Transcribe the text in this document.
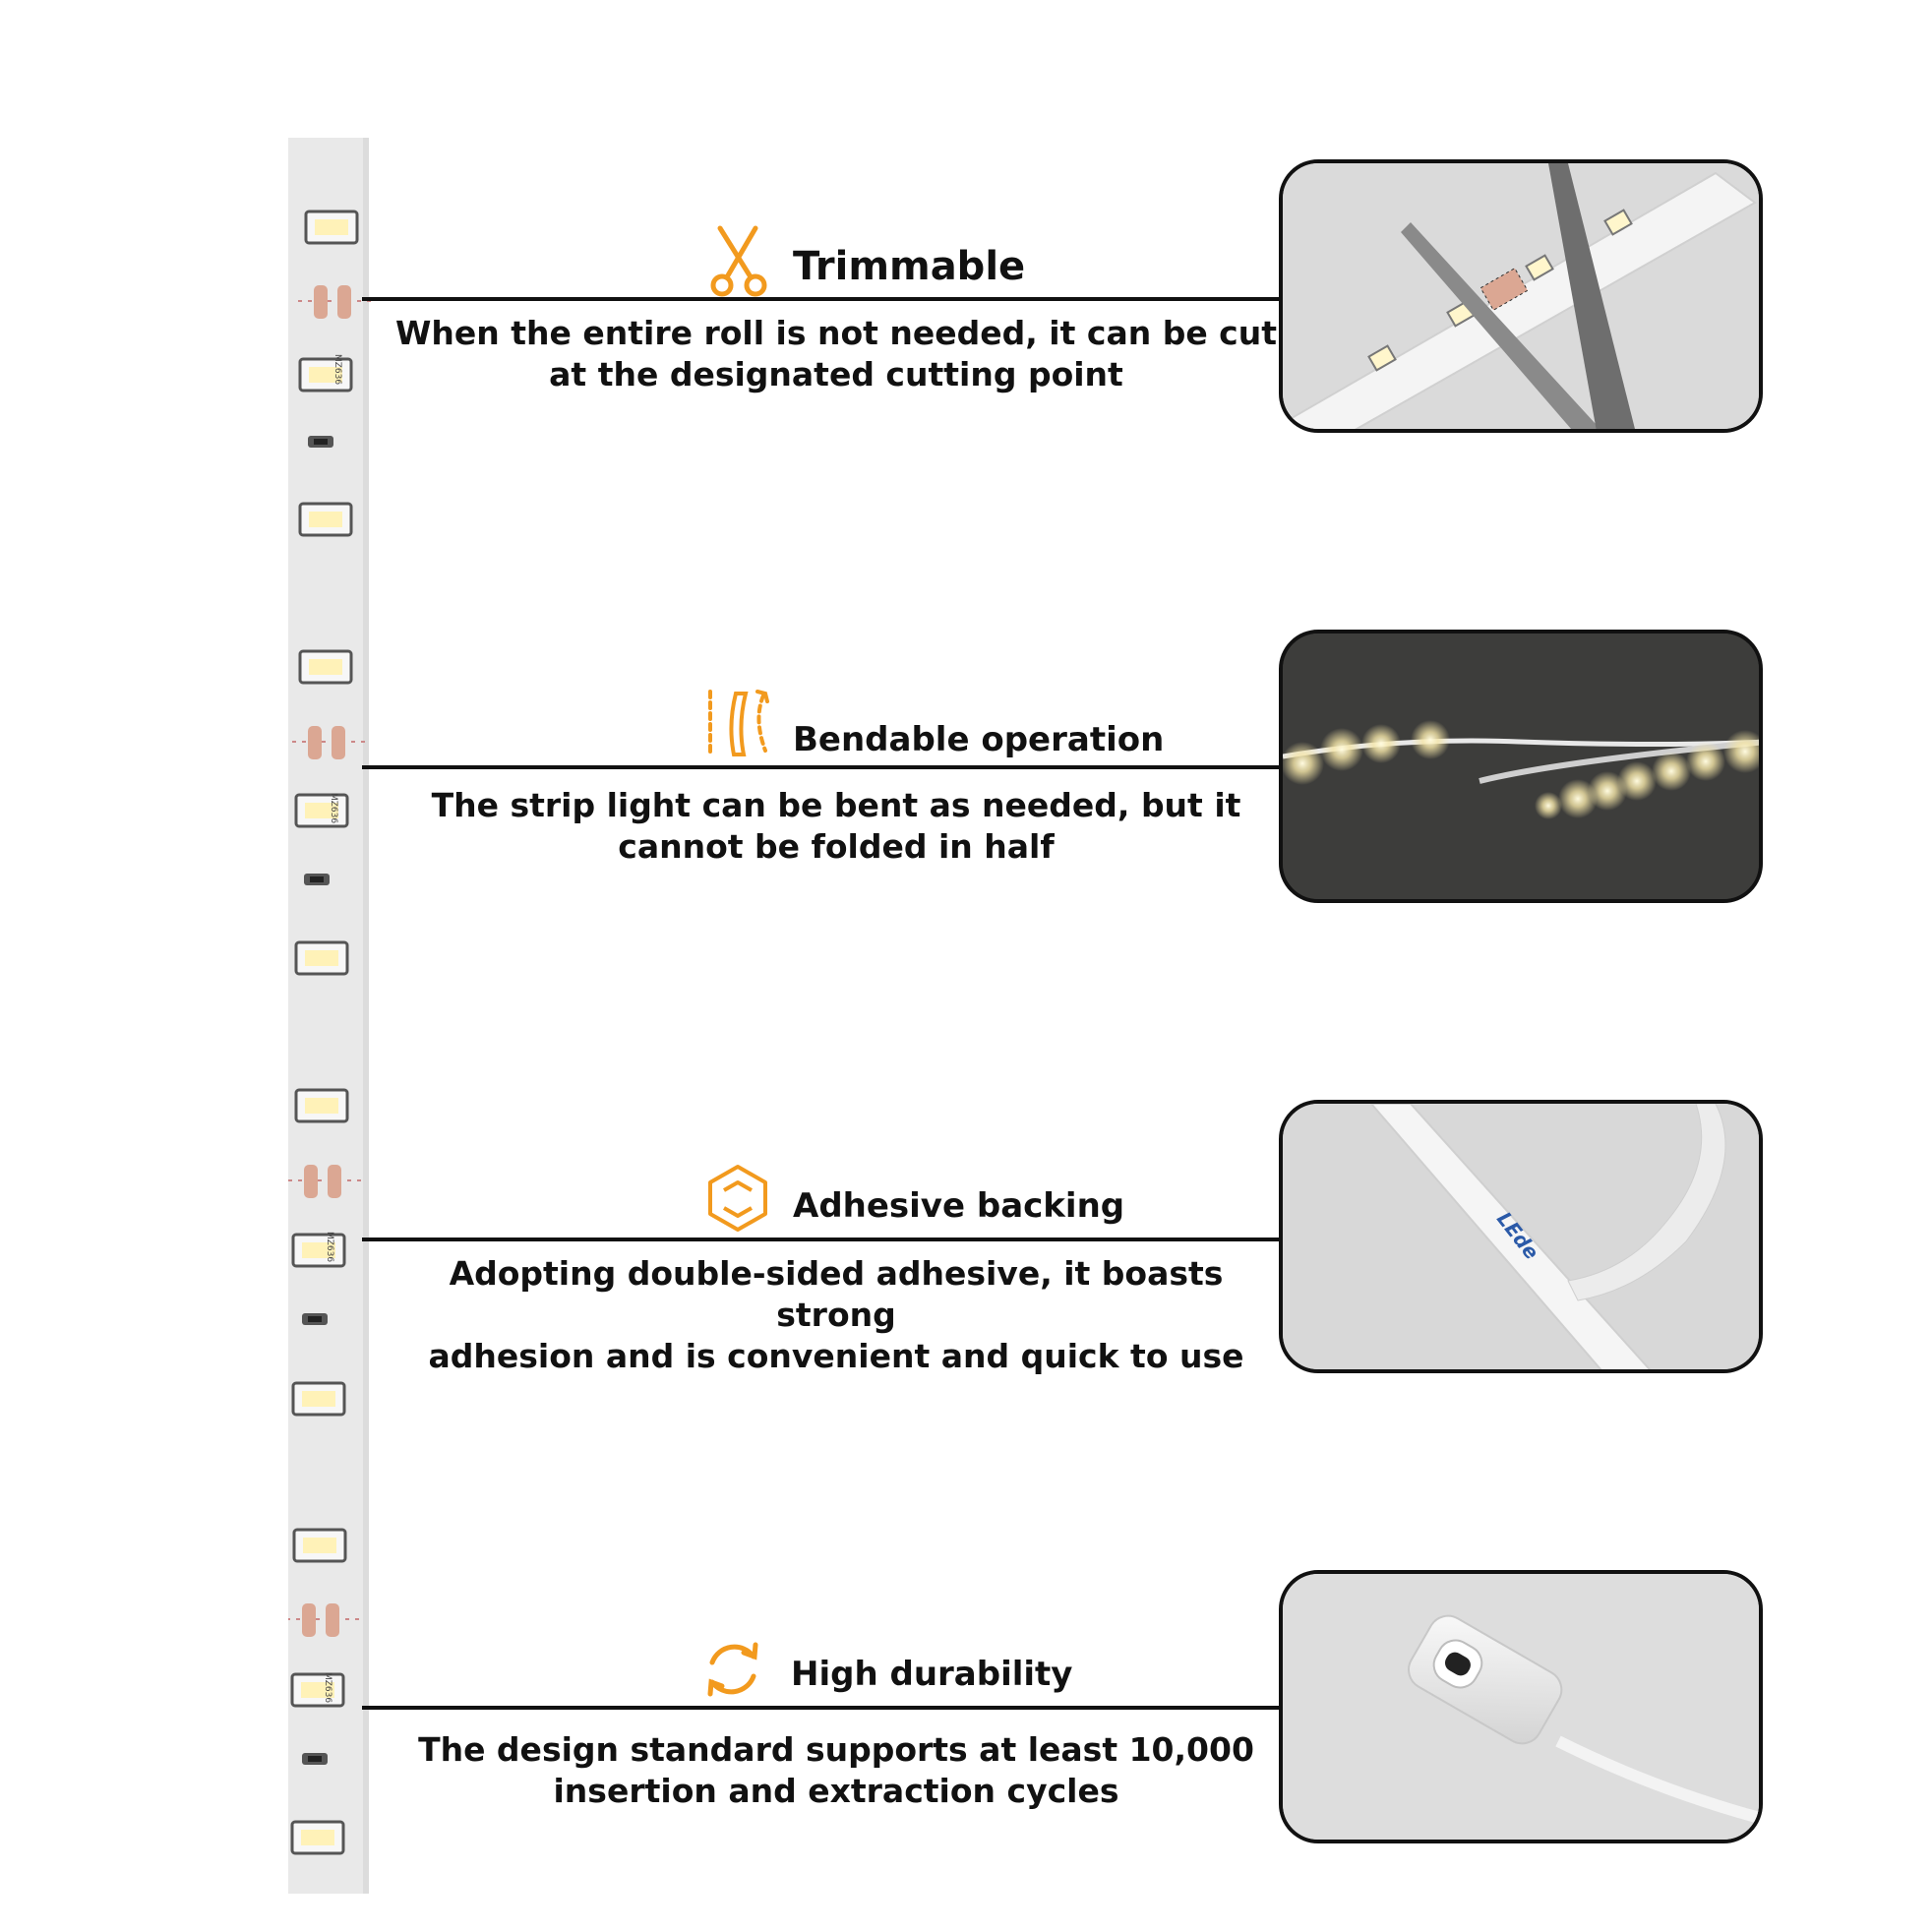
MZ636
MZ636
MZ636
MZ636
Trimmable
When the entire roll is not needed, it can be cut
at the designated cutting point
Bendable operation
The strip light can be bent as needed, but it
cannot be folded in half
Adhesive backing
Adopting double-sided adhesive, it boasts strong
adhesion and is convenient and quick to use
LEde
High durability
The design standard supports at least 10,000
insertion and extraction cycles
